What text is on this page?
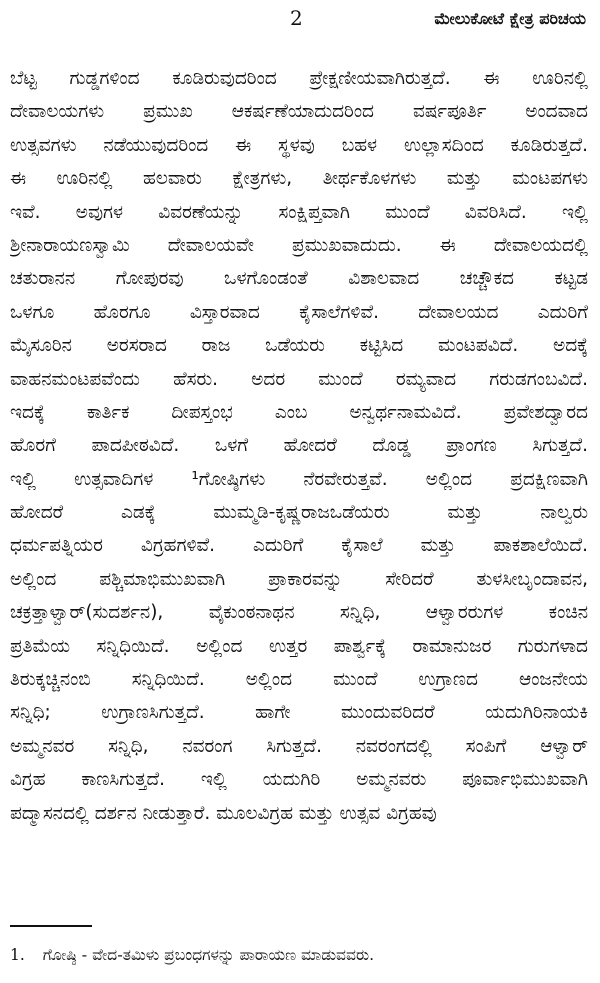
2	ಮೇಲುಕೋಟೆ ಕ್ಷೇತ್ರ ಪರಿಚಯ
ಬೆಟ್ಟ ಗುಡ್ಡಗಳಿಂದ ಕೂಡಿರುವುದರಿಂದ ಪ್ರೇಕ್ಷಣೀಯವಾಗಿರುತ್ತದೆ. ಈ ಊರಿನಲ್ಲಿ
ದೇವಾಲಯಗಳು ಪ್ರಮುಖ ಆಕರ್ಷಣೆಯಾದುದರಿಂದ ವರ್ಷಪೂರ್ತಿ ಅಂದವಾದ
ಉತ್ಸವಗಳು ನಡೆಯುವುದರಿಂದ ಈ ಸ್ಥಳವು ಬಹಳ ಉಲ್ಲಾಸದಿಂದ ಕೂಡಿರುತ್ತದೆ.
ಈ ಊರಿನಲ್ಲಿ ಹಲವಾರು ಕ್ಷೇತ್ರಗಳು, ತೀರ್ಥಕೊಳಗಳು ಮತ್ತು ಮಂಟಪಗಳು
ಇವೆ. ಅವುಗಳ ವಿವರಣೆಯನ್ನು ಸಂಕ್ಷಿಪ್ತವಾಗಿ ಮುಂದೆ ವಿವರಿಸಿದೆ. ಇಲ್ಲಿ
ಶ್ರೀನಾರಾಯಣಸ್ವಾಮಿ ದೇವಾಲಯವೇ ಪ್ರಮುಖವಾದುದು. ಈ ದೇವಾಲಯದಲ್ಲಿ
ಚತುರಾನನ ಗೋಪುರವು ಒಳಗೊಂಡಂತೆ ವಿಶಾಲವಾದ ಚಚ್ಚೌಕದ ಕಟ್ಟಡ
ಒಳಗೂ ಹೊರಗೂ ವಿಸ್ತಾರವಾದ ಕೈಸಾಲೆಗಳಿವೆ. ದೇವಾಲಯದ ಎದುರಿಗೆ
ಮೈಸೂರಿನ ಅರಸರಾದ ರಾಜ ಒಡೆಯರು ಕಟ್ಟಿಸಿದ ಮಂಟಪವಿದೆ. ಅದಕ್ಕೆ
ವಾಹನಮಂಟಪವೆಂದು ಹೆಸರು. ಅದರ ಮುಂದೆ ರಮ್ಯವಾದ ಗರುಡಗಂಬವಿದೆ.
ಇದಕ್ಕೆ ಕಾರ್ತಿಕ ದೀಪಸ್ತಂಭ ಎಂಬ ಅನ್ವರ್ಥನಾಮವಿದೆ. ಪ್ರವೇಶದ್ವಾರದ
ಹೊರಗೆ ಪಾದಪೀಠವಿದೆ. ಒಳಗೆ ಹೋದರೆ ದೊಡ್ಡ ಪ್ರಾಂಗಣ ಸಿಗುತ್ತದೆ.
ಇಲ್ಲಿ ಉತ್ಸವಾದಿಗಳ ¹ಗೋಷ್ಠಿಗಳು ನೆರವೇರುತ್ತವೆ. ಅಲ್ಲಿಂದ ಪ್ರದಕ್ಷಿಣವಾಗಿ
ಹೋದರೆ ಎಡಕ್ಕೆ ಮುಮ್ಮಡಿ-ಕೃಷ್ಣರಾಜಒಡೆಯರು ಮತ್ತು ನಾಲ್ವರು
ಧರ್ಮಪತ್ನಿಯರ ವಿಗ್ರಹಗಳಿವೆ. ಎದುರಿಗೆ ಕೈಸಾಲೆ ಮತ್ತು ಪಾಕಶಾಲೆಯಿದೆ.
ಅಲ್ಲಿಂದ ಪಶ್ಚಿಮಾಭಿಮುಖವಾಗಿ ಪ್ರಾಕಾರವನ್ನು ಸೇರಿದರೆ ತುಳಸೀಬೃಂದಾವನ,
ಚಕ್ರತ್ತಾಳ್ವಾರ್(ಸುದರ್ಶನ), ವೈಕುಂಠನಾಥನ ಸನ್ನಿಧಿ, ಆಳ್ವಾರರುಗಳ ಕಂಚಿನ
ಪ್ರತಿಮೆಯ ಸನ್ನಿಧಿಯಿದೆ. ಅಲ್ಲಿಂದ ಉತ್ತರ ಪಾರ್ಶ್ವಕ್ಕೆ ರಾಮಾನುಜರ ಗುರುಗಳಾದ
ತಿರುಕ್ಕಚ್ಚಿನಂಬಿ ಸನ್ನಿಧಿಯಿದೆ. ಅಲ್ಲಿಂದ ಮುಂದೆ ಉಗ್ರಾಣದ ಆಂಜನೇಯ
ಸನ್ನಿಧಿ; ಉಗ್ರಾಣಸಿಗುತ್ತದೆ. ಹಾಗೇ ಮುಂದುವರಿದರೆ ಯದುಗಿರಿನಾಯಕಿ
ಅಮ್ಮನವರ ಸನ್ನಿಧಿ, ನವರಂಗ ಸಿಗುತ್ತದೆ. ನವರಂಗದಲ್ಲಿ ಸಂಪಿಗೆ ಆಳ್ವಾರ್
ವಿಗ್ರಹ ಕಾಣಸಿಗುತ್ತದೆ. ಇಲ್ಲಿ ಯದುಗಿರಿ ಅಮ್ಮನವರು ಪೂರ್ವಾಭಿಮುಖವಾಗಿ
ಪದ್ಮಾಸನದಲ್ಲಿ ದರ್ಶನ ನೀಡುತ್ತಾರೆ. ಮೂಲವಿಗ್ರಹ ಮತ್ತು ಉತ್ಸವ ವಿಗ್ರಹವು
1. ಗೋಷ್ಠಿ - ವೇದ-ತಮಿಳು ಪ್ರಬಂಧಗಳನ್ನು ಪಾರಾಯಣ ಮಾಡುವವರು.
